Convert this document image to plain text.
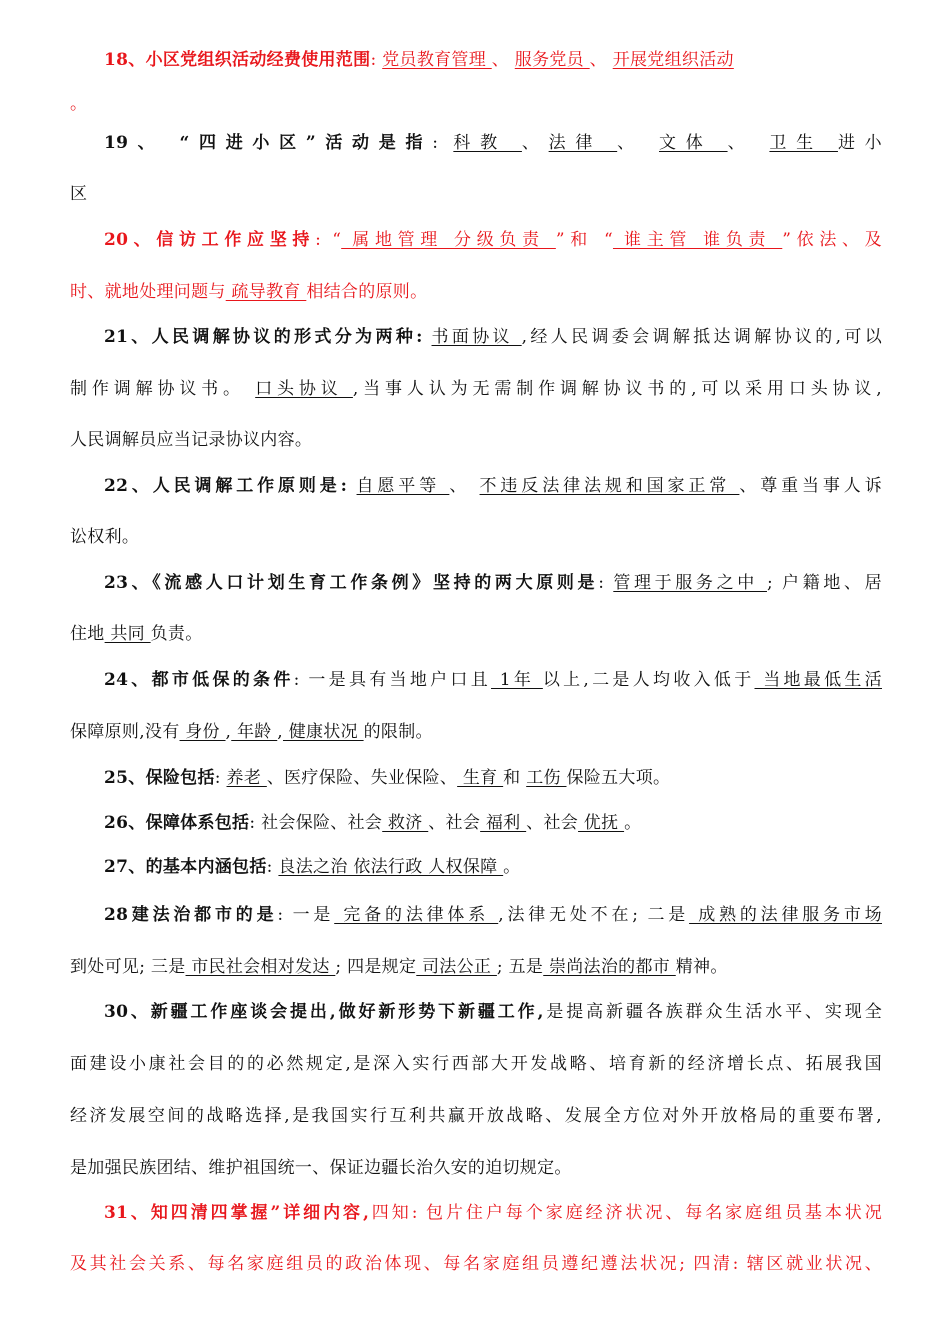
18、小区党组织活动经费使用范围: 党员教育管理 、 服务党员 、 开展党组织活动
。
19、 “四进小区”活动是指: 科教 、法律 、 文体 、 卫生 进小
区
20、信访工作应坚持: “ 属地管理 分级负责 ”和 “ 谁主管 谁负责 ”依法、及
时、就地处理问题与 疏导教育 相结合的原则。
21、人民调解协议的形式分为两种: 书面协议 ,经人民调委会调解抵达调解协议的,可以
制作调解协议书。 口头协议 ,当事人认为无需制作调解协议书的,可以采用口头协议,
人民调解员应当记录协议内容。
22、人民调解工作原则是: 自愿平等 、 不违反法律法规和国家正常 、尊重当事人诉
讼权利。
23、《流感人口计划生育工作条例》坚持的两大原则是: 管理于服务之中 ; 户籍地、居
住地 共同 负责。
24、都市低保的条件: 一是具有当地户口且 1年 以上,二是人均收入低于 当地最低生活
保障原则,没有 身份 , 年龄 , 健康状况 的限制。
25、保险包括: 养老 、医疗保险、失业保险、 生育 和 工伤 保险五大项。
26、保障体系包括: 社会保险、社会 救济 、社会 福利 、社会 优抚 。
27、的基本内涵包括: 良法之治 依法行政 人权保障 。
28建法治都市的是: 一是 完备的法律体系 ,法律无处不在; 二是 成熟的法律服务市场
到处可见; 三是 市民社会相对发达 ; 四是规定 司法公正 ; 五是 崇尚法治的都市 精神。
30、新疆工作座谈会提出,做好新形势下新疆工作,是提高新疆各族群众生活水平、实现全
面建设小康社会目的的必然规定,是深入实行西部大开发战略、培育新的经济增长点、拓展我国
经济发展空间的战略选择,是我国实行互利共赢开放战略、发展全方位对外开放格局的重要布署,
是加强民族团结、维护祖国统一、保证边疆长治久安的迫切规定。
31、知四清四掌握”详细内容,四知: 包片住户每个家庭经济状况、每名家庭组员基本状况
及其社会关系、每名家庭组员的政治体现、每名家庭组员遵纪遵法状况; 四清: 辖区就业状况、
